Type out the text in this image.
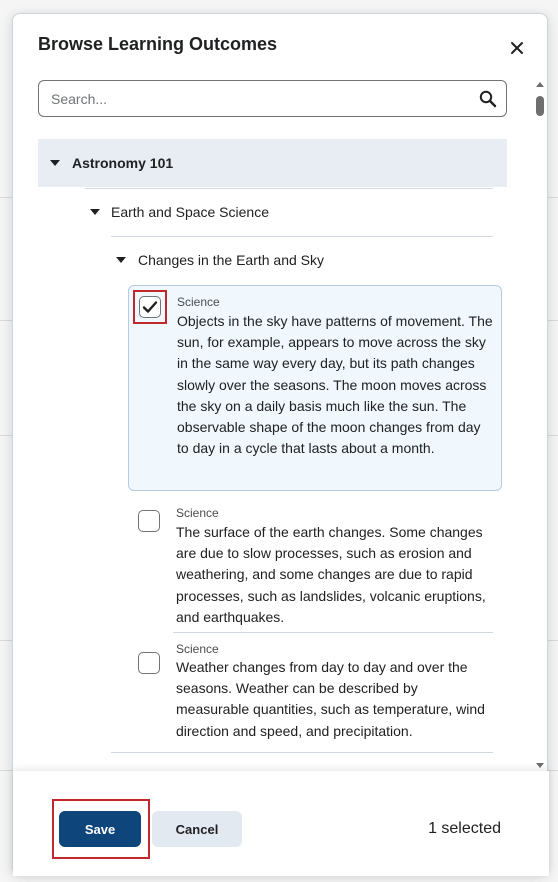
Browse Learning Outcomes
Search...
Astronomy 101
Earth and Space Science
Changes in the Earth and Sky
Science
Objects in the sky have patterns of movement. The sun, for example, appears to move across the sky in the same way every day, but its path changes slowly over the seasons. The moon moves across the sky on a daily basis much like the sun. The observable shape of the moon changes from day to day in a cycle that lasts about a month.
Science
The surface of the earth changes. Some changes are due to slow processes, such as erosion and weathering, and some changes are due to rapid processes, such as landslides, volcanic eruptions, and earthquakes.
Science
Weather changes from day to day and over the seasons. Weather can be described by measurable quantities, such as temperature, wind direction and speed, and precipitation.
Save	Cancel	1 selected
